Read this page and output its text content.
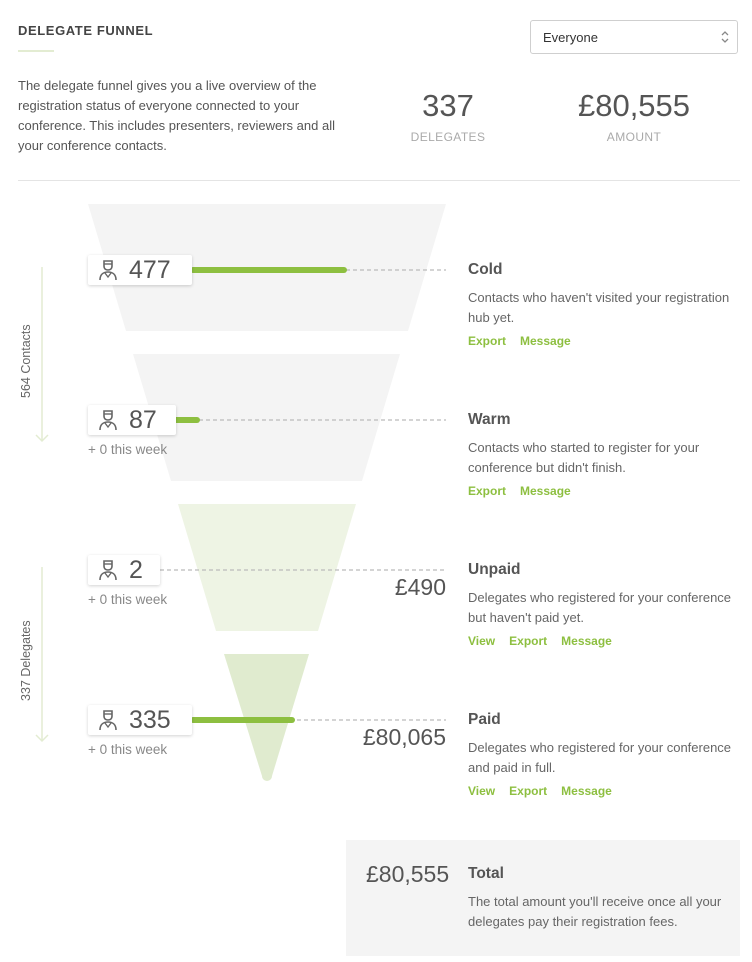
DELEGATE FUNNEL	Everyone
The delegate funnel gives you a live overview of the registration status of everyone connected to your conference. This includes presenters, reviewers and all your conference contacts.
337
DELEGATES
£80,555
AMOUNT
564 Contacts
337 Delegates
477	Cold
Contacts who haven't visited your registration hub yet.
Export Message
87
+ 0 this week
Warm
Contacts who started to register for your conference but didn't finish.
Export Message
2
+ 0 this week	£490
Unpaid
Delegates who registered for your conference but haven't paid yet.
View Export Message
335
+ 0 this week	£80,065
Paid
Delegates who registered for your conference and paid in full.
View Export Message
£80,555 Total
The total amount you'll receive once all your delegates pay their registration fees.
